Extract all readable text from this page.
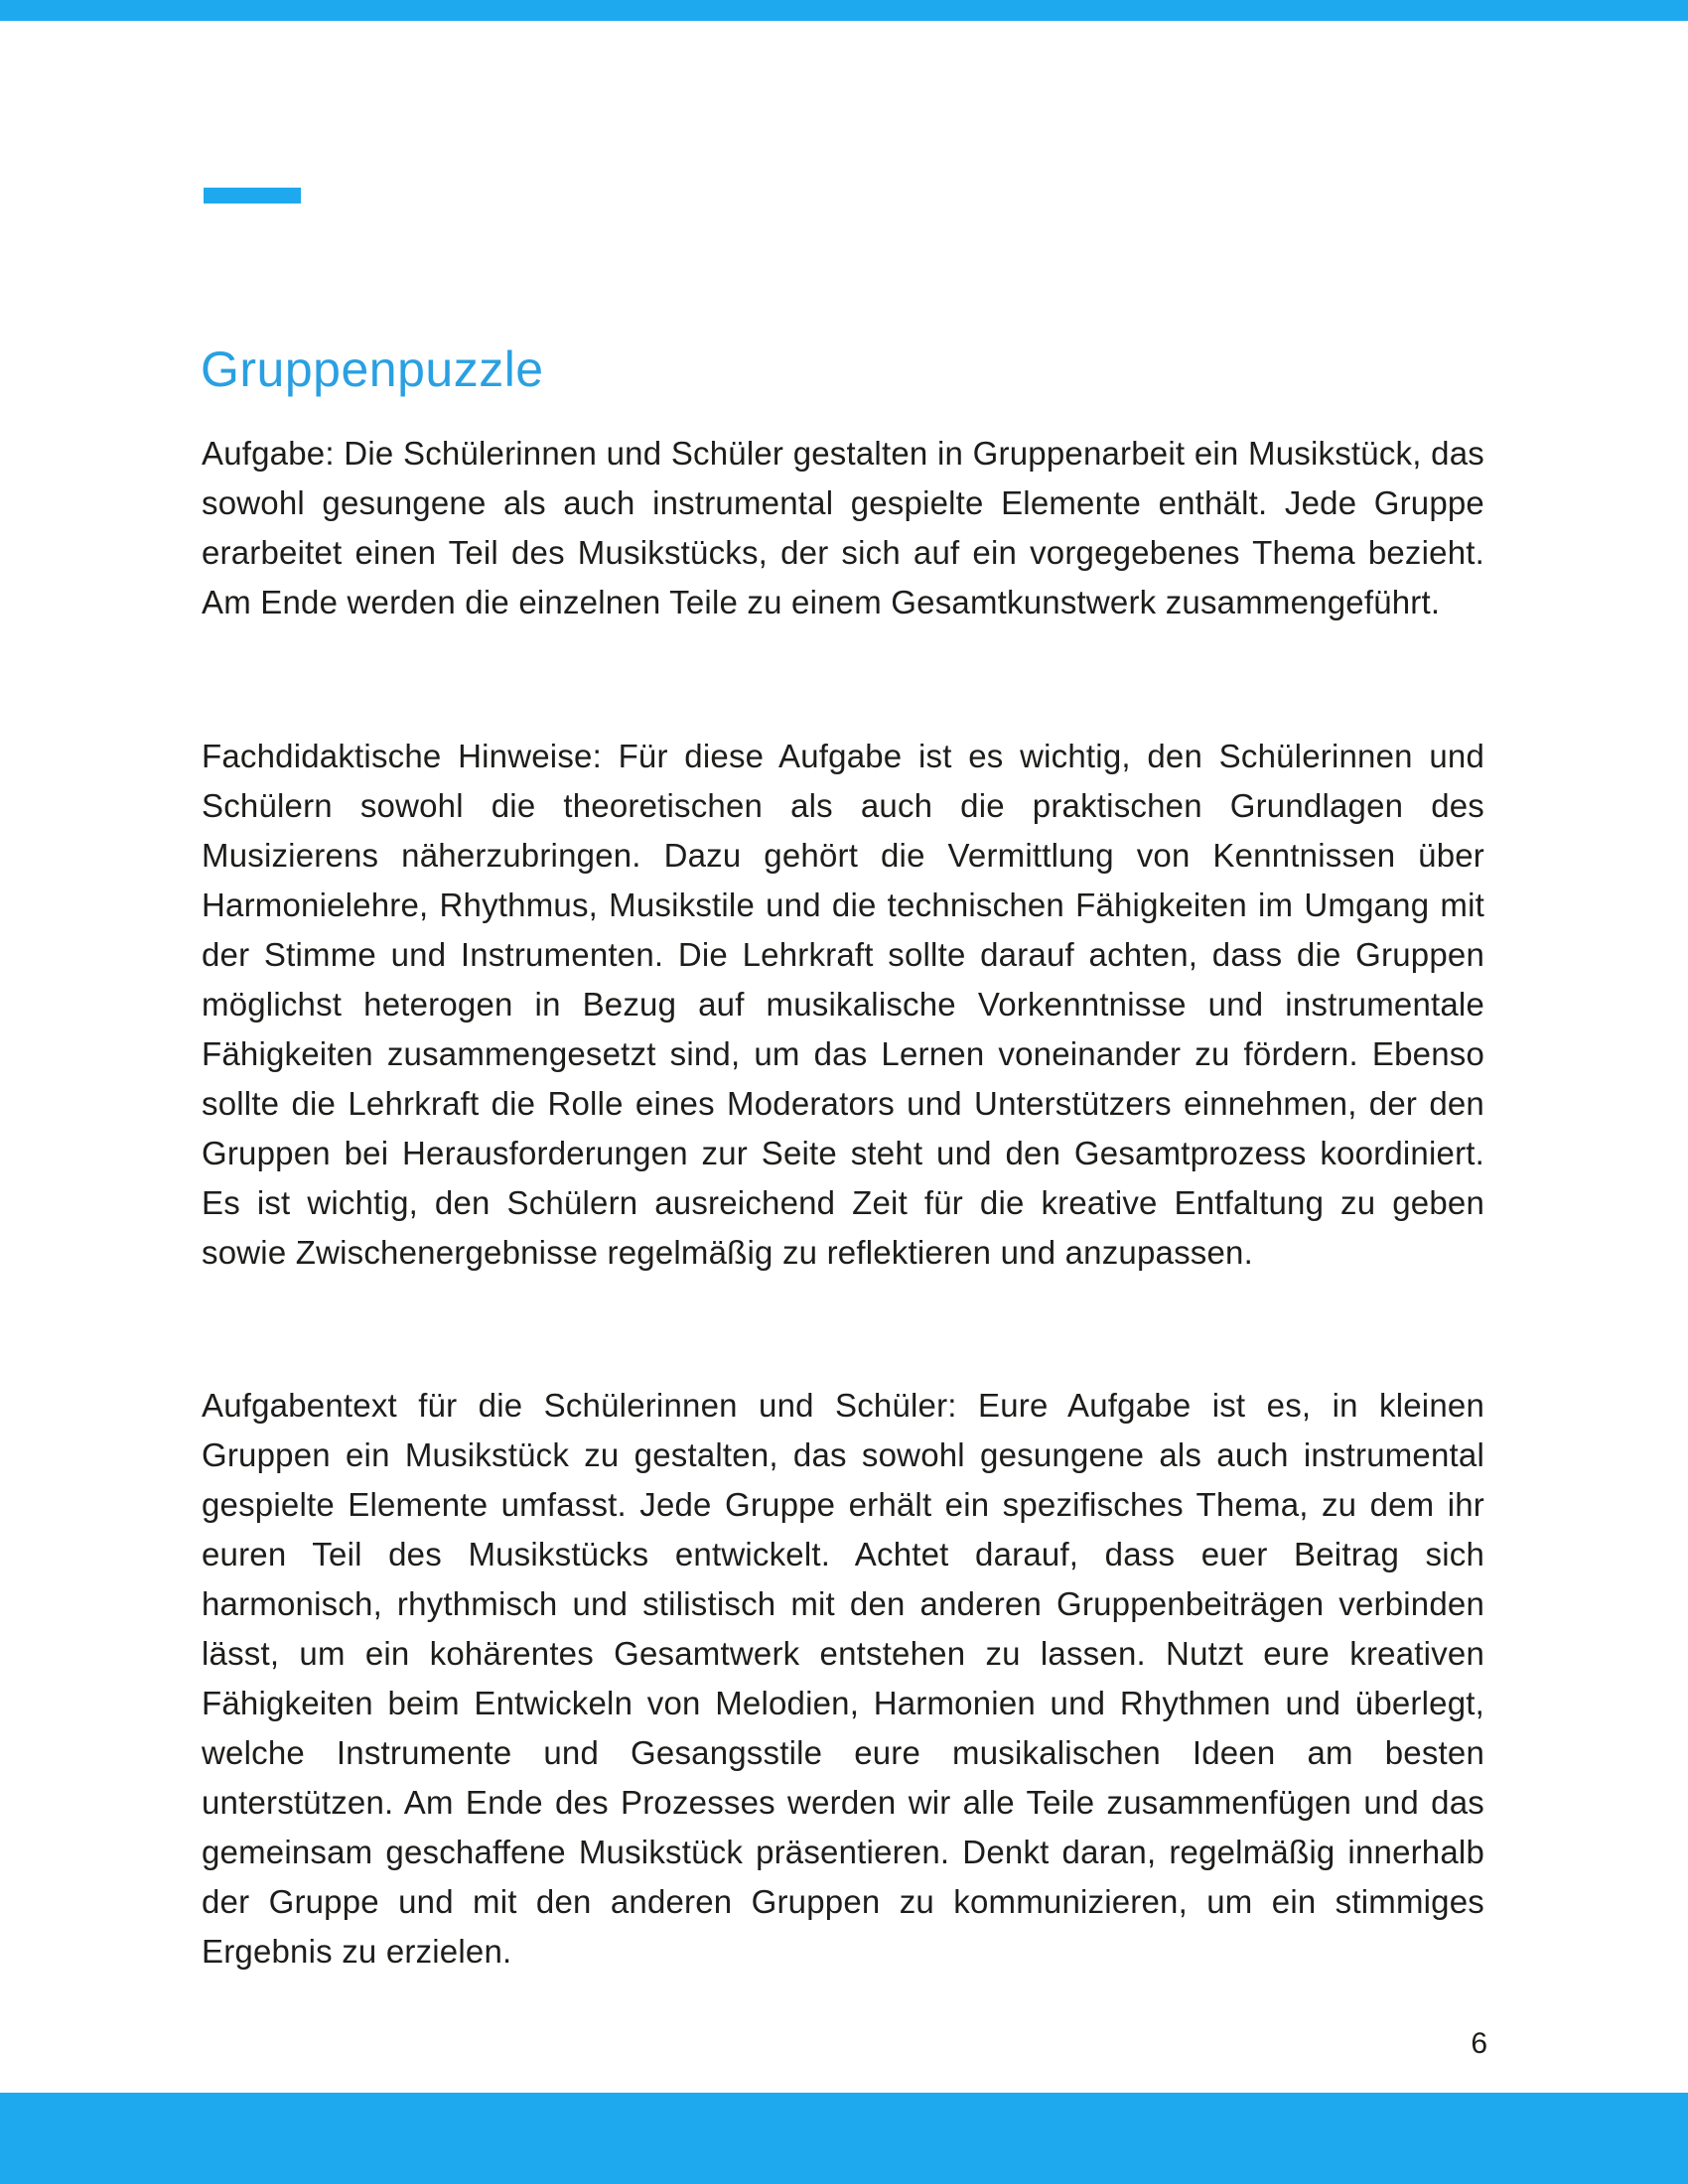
Gruppenpuzzle

Aufgabe: Die Schülerinnen und Schüler gestalten in Gruppenarbeit ein Musikstück, das sowohl gesungene als auch instrumental gespielte Elemente enthält. Jede Gruppe erarbeitet einen Teil des Musikstücks, der sich auf ein vorgegebenes Thema bezieht. Am Ende werden die einzelnen Teile zu einem Gesamtkunstwerk zusammengeführt.

Fachdidaktische Hinweise: Für diese Aufgabe ist es wichtig, den Schülerinnen und Schülern sowohl die theoretischen als auch die praktischen Grundlagen des Musizierens näherzubringen. Dazu gehört die Vermittlung von Kenntnissen über Harmonielehre, Rhythmus, Musikstile und die technischen Fähigkeiten im Umgang mit der Stimme und Instrumenten. Die Lehrkraft sollte darauf achten, dass die Gruppen möglichst heterogen in Bezug auf musikalische Vorkenntnisse und instrumentale Fähigkeiten zusammengesetzt sind, um das Lernen voneinander zu fördern. Ebenso sollte die Lehrkraft die Rolle eines Moderators und Unterstützers einnehmen, der den Gruppen bei Herausforderungen zur Seite steht und den Gesamtprozess koordiniert. Es ist wichtig, den Schülern ausreichend Zeit für die kreative Entfaltung zu geben sowie Zwischenergebnisse regelmäßig zu reflektieren und anzupassen.

Aufgabentext für die Schülerinnen und Schüler: Eure Aufgabe ist es, in kleinen Gruppen ein Musikstück zu gestalten, das sowohl gesungene als auch instrumental gespielte Elemente umfasst. Jede Gruppe erhält ein spezifisches Thema, zu dem ihr euren Teil des Musikstücks entwickelt. Achtet darauf, dass euer Beitrag sich harmonisch, rhythmisch und stilistisch mit den anderen Gruppenbeiträgen verbinden lässt, um ein kohärentes Gesamtwerk entstehen zu lassen. Nutzt eure kreativen Fähigkeiten beim Entwickeln von Melodien, Harmonien und Rhythmen und überlegt, welche Instrumente und Gesangsstile eure musikalischen Ideen am besten unterstützen. Am Ende des Prozesses werden wir alle Teile zusammenfügen und das gemeinsam geschaffene Musikstück präsentieren. Denkt daran, regelmäßig innerhalb der Gruppe und mit den anderen Gruppen zu kommunizieren, um ein stimmiges Ergebnis zu erzielen.

6
